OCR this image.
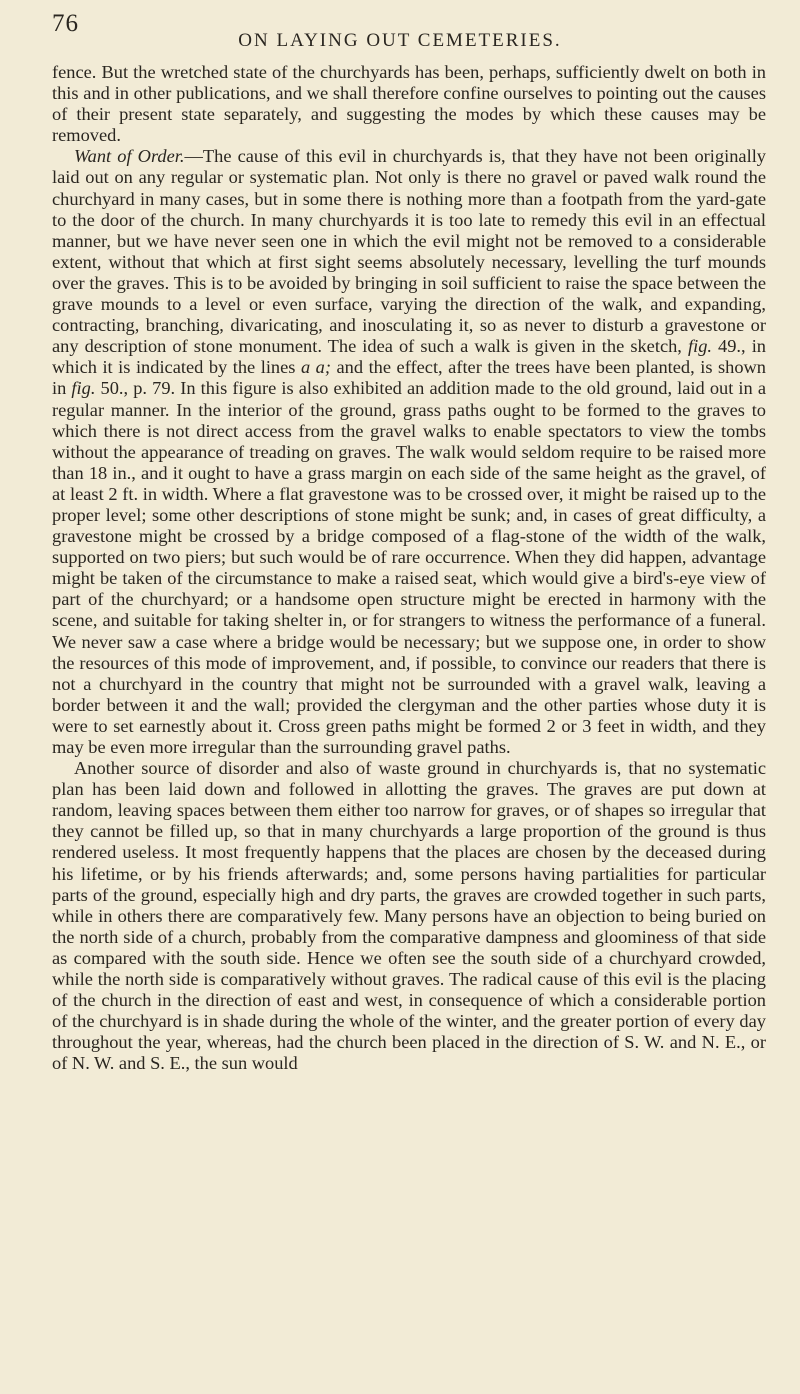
76
ON LAYING OUT CEMETERIES.

fence. But the wretched state of the churchyards has been, perhaps, sufficiently dwelt on both in this and in other publications, and we shall therefore confine ourselves to pointing out the causes of their present state separately, and suggesting the modes by which these causes may be removed.

Want of Order.—The cause of this evil in churchyards is, that they have not been originally laid out on any regular or systematic plan. Not only is there no gravel or paved walk round the churchyard in many cases, but in some there is nothing more than a footpath from the yard-gate to the door of the church. In many churchyards it is too late to remedy this evil in an effectual manner, but we have never seen one in which the evil might not be removed to a considerable extent, without that which at first sight seems absolutely necessary, levelling the turf mounds over the graves. This is to be avoided by bringing in soil sufficient to raise the space between the grave mounds to a level or even surface, varying the direction of the walk, and expanding, contracting, branching, divaricating, and inosculating it, so as never to disturb a gravestone or any description of stone monument. The idea of such a walk is given in the sketch, fig. 49., in which it is indicated by the lines a a; and the effect, after the trees have been planted, is shown in fig. 50., p. 79. In this figure is also exhibited an addition made to the old ground, laid out in a regular manner. In the interior of the ground, grass paths ought to be formed to the graves to which there is not direct access from the gravel walks to enable spectators to view the tombs without the appearance of treading on graves. The walk would seldom require to be raised more than 18 in., and it ought to have a grass margin on each side of the same height as the gravel, of at least 2 ft. in width. Where a flat gravestone was to be crossed over, it might be raised up to the proper level; some other descriptions of stone might be sunk; and, in cases of great difficulty, a gravestone might be crossed by a bridge composed of a flag-stone of the width of the walk, supported on two piers; but such would be of rare occurrence. When they did happen, advantage might be taken of the circumstance to make a raised seat, which would give a bird's-eye view of part of the churchyard; or a handsome open structure might be erected in harmony with the scene, and suitable for taking shelter in, or for strangers to witness the performance of a funeral. We never saw a case where a bridge would be necessary; but we suppose one, in order to show the resources of this mode of improvement, and, if possible, to convince our readers that there is not a churchyard in the country that might not be surrounded with a gravel walk, leaving a border between it and the wall; provided the clergyman and the other parties whose duty it is were to set earnestly about it. Cross green paths might be formed 2 or 3 feet in width, and they may be even more irregular than the surrounding gravel paths.

Another source of disorder and also of waste ground in churchyards is, that no systematic plan has been laid down and followed in allotting the graves. The graves are put down at random, leaving spaces between them either too narrow for graves, or of shapes so irregular that they cannot be filled up, so that in many churchyards a large proportion of the ground is thus rendered useless. It most frequently happens that the places are chosen by the deceased during his lifetime, or by his friends afterwards; and, some persons having partialities for particular parts of the ground, especially high and dry parts, the graves are crowded together in such parts, while in others there are comparatively few. Many persons have an objection to being buried on the north side of a church, probably from the comparative dampness and gloominess of that side as compared with the south side. Hence we often see the south side of a churchyard crowded, while the north side is comparatively without graves. The radical cause of this evil is the placing of the church in the direction of east and west, in consequence of which a considerable portion of the churchyard is in shade during the whole of the winter, and the greater portion of every day throughout the year, whereas, had the church been placed in the direction of S. W. and N. E., or of N. W. and S. E., the sun would
